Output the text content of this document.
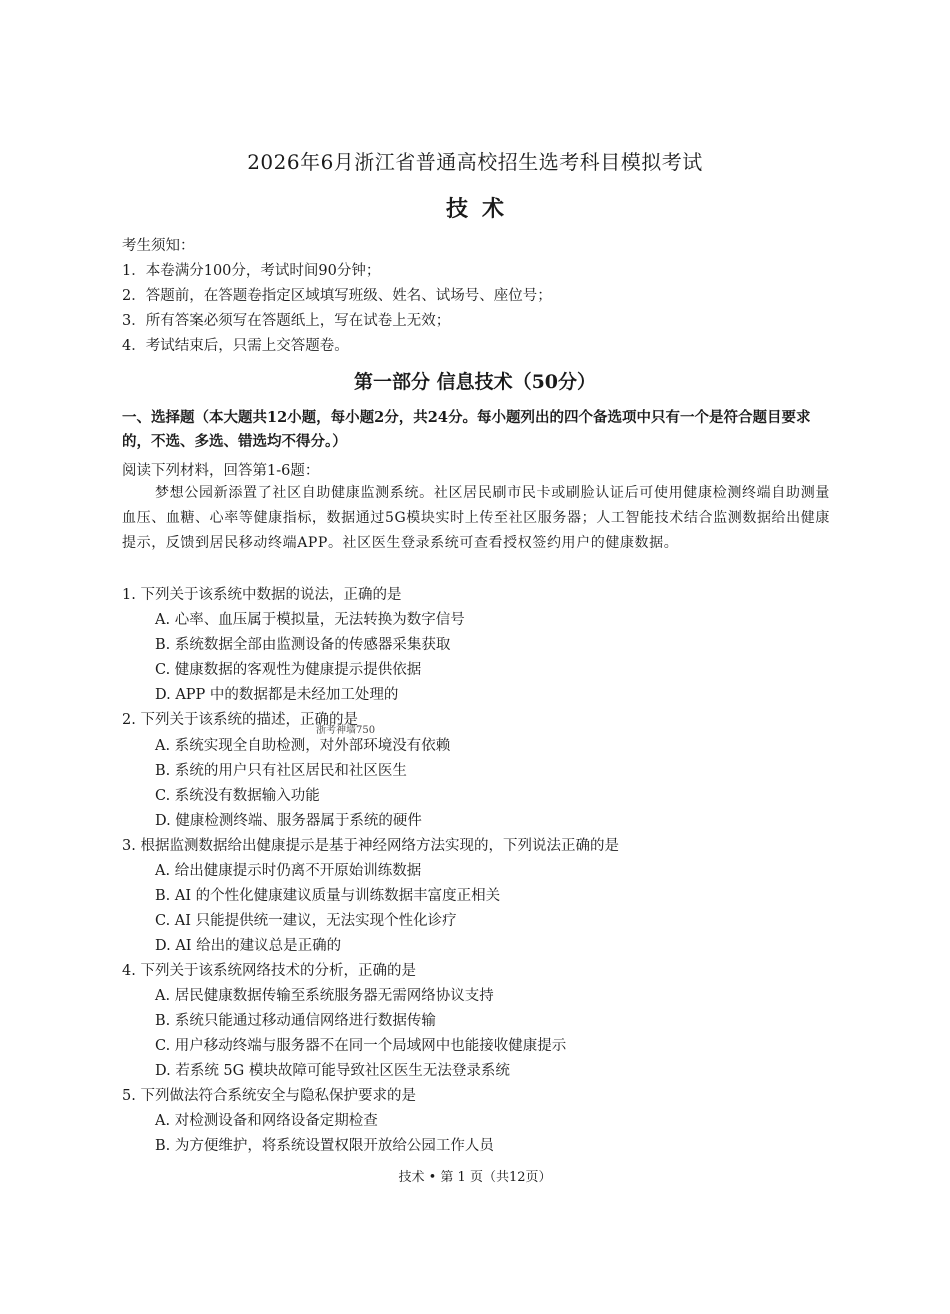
2026年6月浙江省普通高校招生选考科目模拟考试
技术
考生须知：
1．本卷满分100分，考试时间90分钟；
2．答题前，在答题卷指定区域填写班级、姓名、试场号、座位号；
3．所有答案必须写在答题纸上，写在试卷上无效；
4．考试结束后，只需上交答题卷。
第一部分 信息技术（50分）
一、选择题（本大题共12小题，每小题2分，共24分。每小题列出的四个备选项中只有一个是符合题目要求的，不选、多选、错选均不得分。）
阅读下列材料，回答第1-6题：
梦想公园新添置了社区自助健康监测系统。社区居民刷市民卡或刷脸认证后可使用健康检测终端自助测量血压、血糖、心率等健康指标，数据通过5G模块实时上传至社区服务器；人工智能技术结合监测数据给出健康提示，反馈到居民移动终端APP。社区医生登录系统可查看授权签约用户的健康数据。
1. 下列关于该系统中数据的说法，正确的是
A. 心率、血压属于模拟量，无法转换为数字信号
B. 系统数据全部由监测设备的传感器采集获取
C. 健康数据的客观性为健康提示提供依据
D. APP 中的数据都是未经加工处理的
2. 下列关于该系统的描述，正确的是
浙考神墙750
A. 系统实现全自助检测，对外部环境没有依赖
B. 系统的用户只有社区居民和社区医生
C. 系统没有数据输入功能
D. 健康检测终端、服务器属于系统的硬件
3. 根据监测数据给出健康提示是基于神经网络方法实现的，下列说法正确的是
A. 给出健康提示时仍离不开原始训练数据
B. AI 的个性化健康建议质量与训练数据丰富度正相关
C. AI 只能提供统一建议，无法实现个性化诊疗
D. AI 给出的建议总是正确的
4. 下列关于该系统网络技术的分析，正确的是
A. 居民健康数据传输至系统服务器无需网络协议支持
B. 系统只能通过移动通信网络进行数据传输
C. 用户移动终端与服务器不在同一个局域网中也能接收健康提示
D. 若系统 5G 模块故障可能导致社区医生无法登录系统
5. 下列做法符合系统安全与隐私保护要求的是
A. 对检测设备和网络设备定期检查
B. 为方便维护，将系统设置权限开放给公园工作人员
技术 • 第 1 页（共12页）
